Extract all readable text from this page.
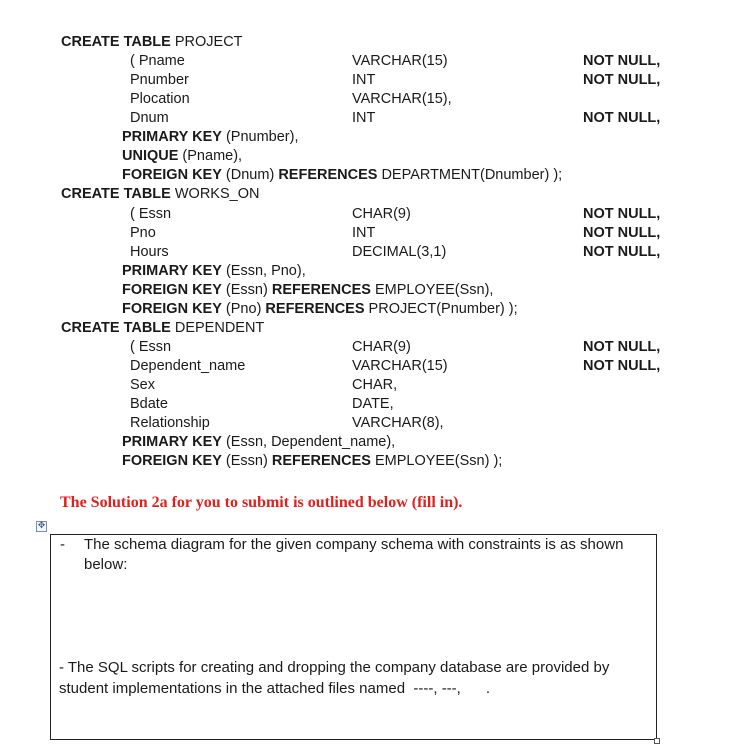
CREATE TABLE PROJECT
( Pname	VARCHAR(15)	NOT NULL,
Pnumber	INT	NOT NULL,
Plocation	VARCHAR(15),
Dnum	INT	NOT NULL,
PRIMARY KEY (Pnumber),
UNIQUE (Pname),
FOREIGN KEY (Dnum) REFERENCES DEPARTMENT(Dnumber) );
CREATE TABLE WORKS_ON
( Essn	CHAR(9)	NOT NULL,
Pno	INT	NOT NULL,
Hours	DECIMAL(3,1)	NOT NULL,
PRIMARY KEY (Essn, Pno),
FOREIGN KEY (Essn) REFERENCES EMPLOYEE(Ssn),
FOREIGN KEY (Pno) REFERENCES PROJECT(Pnumber) );
CREATE TABLE DEPENDENT
( Essn	CHAR(9)	NOT NULL,
Dependent_name	VARCHAR(15)	NOT NULL,
Sex	CHAR,
Bdate	DATE,
Relationship	VARCHAR(8),
PRIMARY KEY (Essn, Dependent_name),
FOREIGN KEY (Essn) REFERENCES EMPLOYEE(Ssn) );
The Solution 2a for you to submit is outlined below (fill in).
✥
- The schema diagram for the given company schema with constraints is as shown below:
- The SQL scripts for creating and dropping the company database are provided by student implementations in the attached files named  ----, ---,      .
